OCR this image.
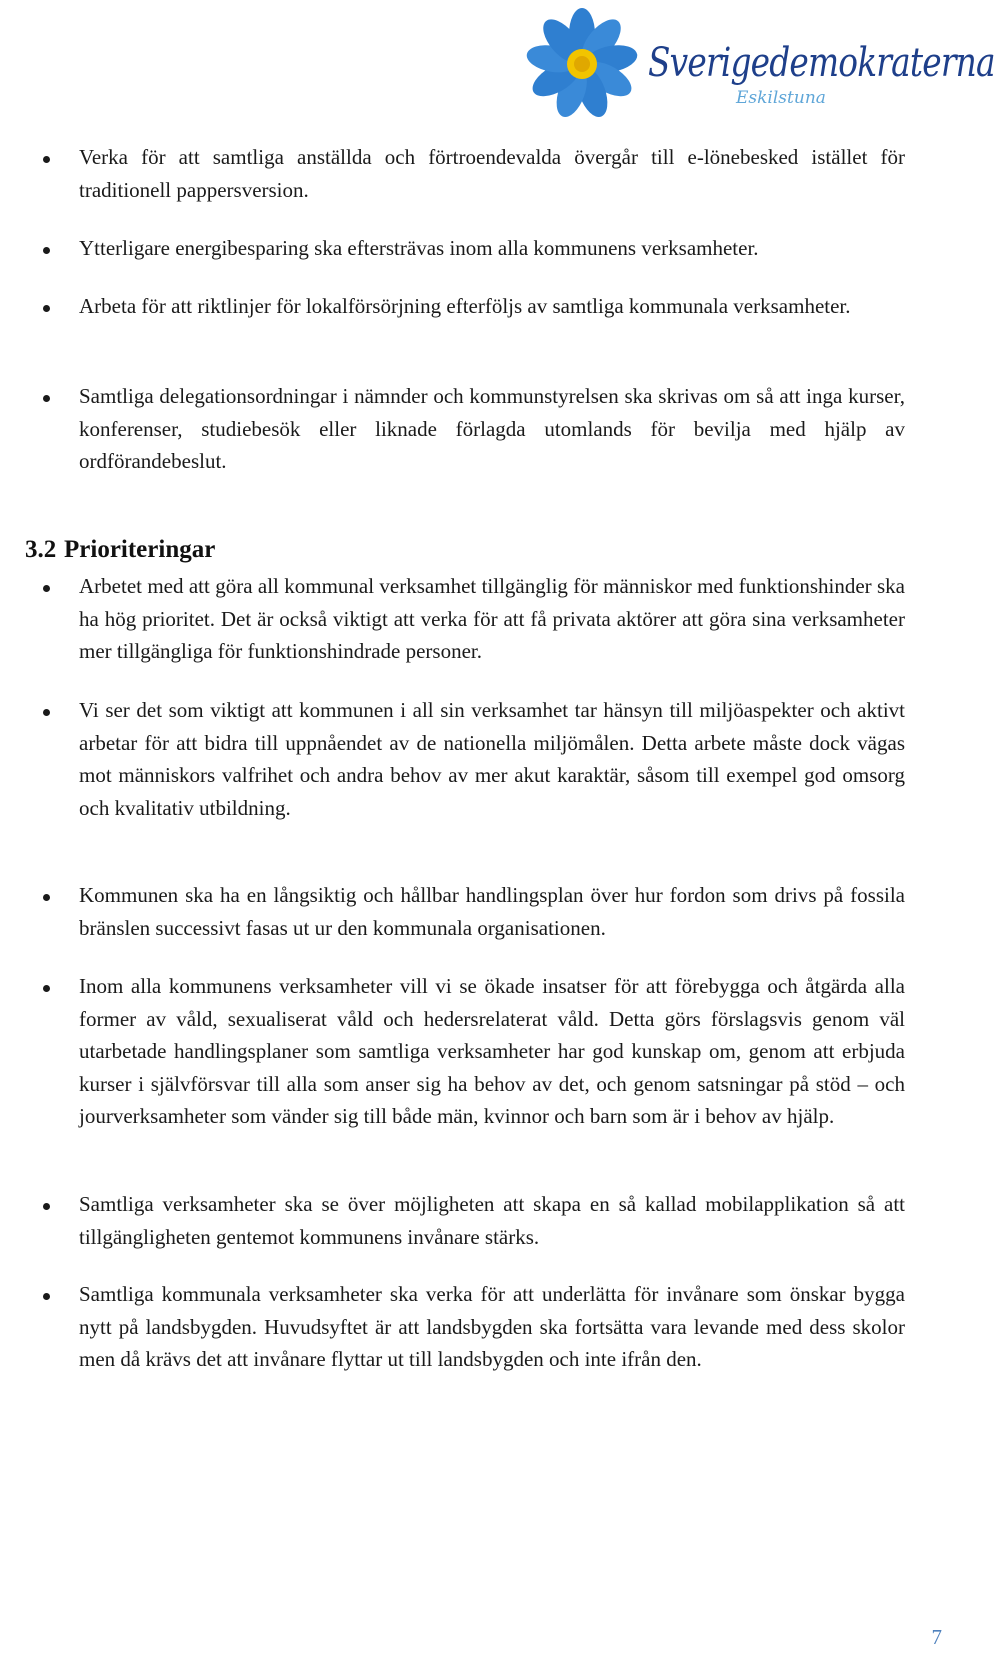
Sverigedemokraterna
Eskilstuna
Verka för att samtliga anställda och förtroendevalda övergår till e-lönebesked istället för traditionell pappersversion.
Ytterligare energibesparing ska eftersträvas inom alla kommunens verksamheter.
Arbeta för att riktlinjer för lokalförsörjning efterföljs av samtliga kommunala verksamheter.
Samtliga delegationsordningar i nämnder och kommunstyrelsen ska skrivas om så att inga kurser, konferenser, studiebesök eller liknade förlagda utomlands för bevilja med hjälp av ordförandebeslut.
3.2 Prioriteringar
Arbetet med att göra all kommunal verksamhet tillgänglig för människor med funktionshinder ska ha hög prioritet. Det är också viktigt att verka för att få privata aktörer att göra sina verksamheter mer tillgängliga för funktionshindrade personer.
Vi ser det som viktigt att kommunen i all sin verksamhet tar hänsyn till miljöaspekter och aktivt arbetar för att bidra till uppnåendet av de nationella miljömålen. Detta arbete måste dock vägas mot människors valfrihet och andra behov av mer akut karaktär, såsom till exempel god omsorg och kvalitativ utbildning.
Kommunen ska ha en långsiktig och hållbar handlingsplan över hur fordon som drivs på fossila bränslen successivt fasas ut ur den kommunala organisationen.
Inom alla kommunens verksamheter vill vi se ökade insatser för att förebygga och åtgärda alla former av våld, sexualiserat våld och hedersrelaterat våld. Detta görs förslagsvis genom väl utarbetade handlingsplaner som samtliga verksamheter har god kunskap om, genom att erbjuda kurser i självförsvar till alla som anser sig ha behov av det, och genom satsningar på stöd – och jourverksamheter som vänder sig till både män, kvinnor och barn som är i behov av hjälp.
Samtliga verksamheter ska se över möjligheten att skapa en så kallad mobilapplikation så att tillgängligheten gentemot kommunens invånare stärks.
Samtliga kommunala verksamheter ska verka för att underlätta för invånare som önskar bygga nytt på landsbygden. Huvudsyftet är att landsbygden ska fortsätta vara levande med dess skolor men då krävs det att invånare flyttar ut till landsbygden och inte ifrån den.
7
